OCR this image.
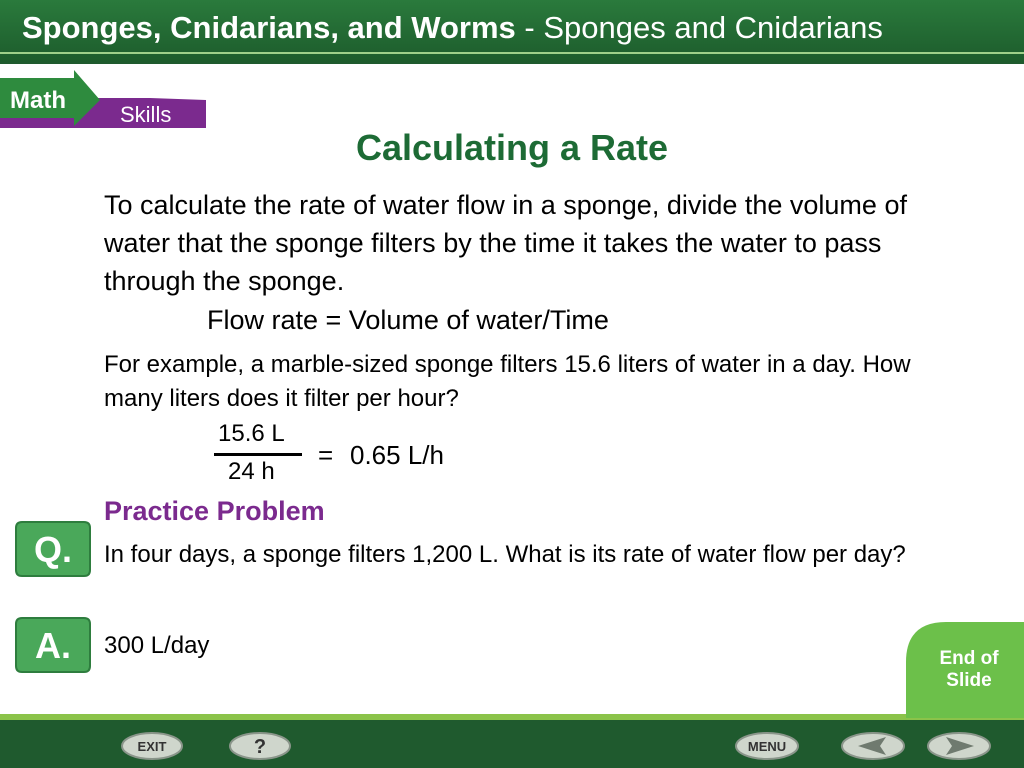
Sponges, Cnidarians, and Worms - Sponges and Cnidarians
Math
Skills
Calculating a Rate
To calculate the rate of water flow in a sponge, divide the volume of water that the sponge filters by the time it takes the water to pass through the sponge.
Flow rate = Volume of water/Time
For example, a marble-sized sponge filters 15.6 liters of water in a day. How many liters does it filter per hour?
15.6 L
24 h
= 0.65 L/h
Practice Problem
Q. In four days, a sponge filters 1,200 L. What is its rate of water flow per day?
A. 300 L/day	End of
Slide
EXIT	?	MENU
